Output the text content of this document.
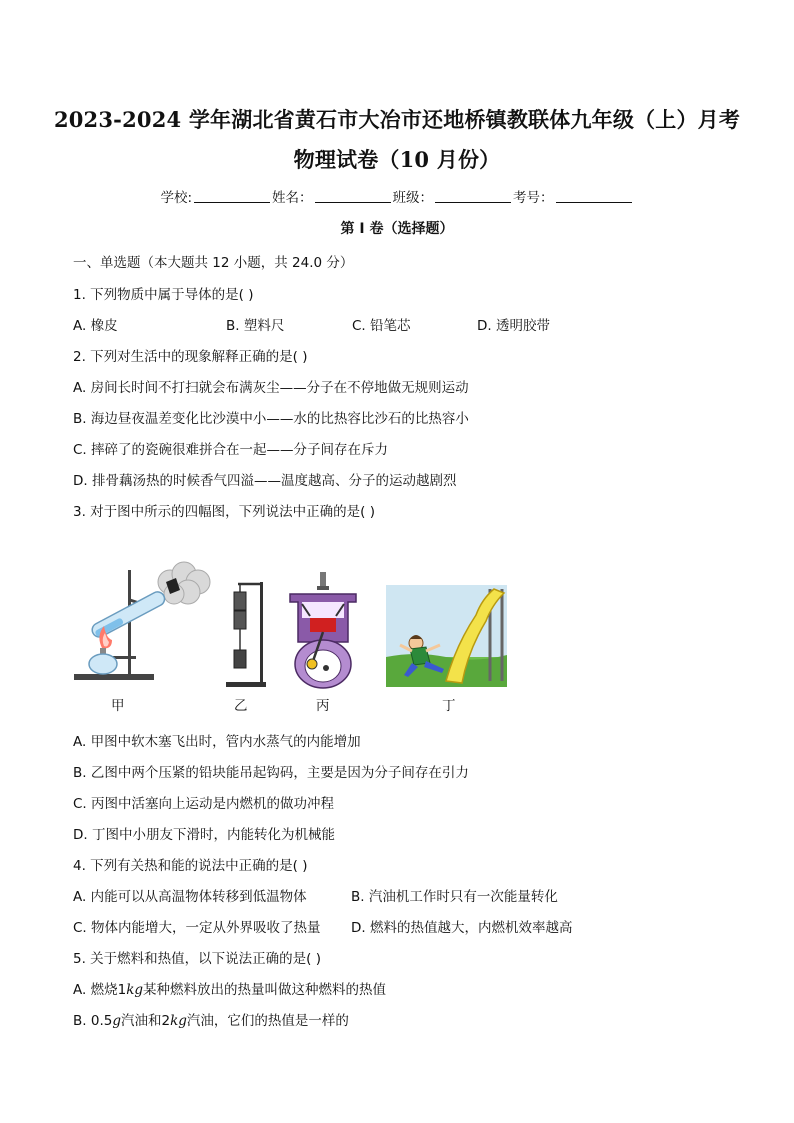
2023-2024 学年湖北省黄石市大冶市还地桥镇教联体九年级（上）月考
物理试卷（10 月份）
学校:	姓名：	班级：	考号：
第 I 卷（选择题）
一、单选题（本大题共 12 小题，共 24.0 分）
1. 下列物质中属于导体的是( )
A. 橡皮	B. 塑料尺	C. 铅笔芯	D. 透明胶带
2. 下列对生活中的现象解释正确的是( )
A. 房间长时间不打扫就会布满灰尘——分子在不停地做无规则运动
B. 海边昼夜温差变化比沙漠中小——水的比热容比沙石的比热容小
C. 摔碎了的瓷碗很难拼合在一起——分子间存在斥力
D. 排骨藕汤热的时候香气四溢——温度越高、分子的运动越剧烈
3. 对于图中所示的四幅图，下列说法中正确的是( )
甲	乙	丙	丁
A. 甲图中软木塞飞出时，管内水蒸气的内能增加
B. 乙图中两个压紧的铅块能吊起钩码，主要是因为分子间存在引力
C. 丙图中活塞向上运动是内燃机的做功冲程
D. 丁图中小朋友下滑时，内能转化为机械能
4. 下列有关热和能的说法中正确的是( )
A. 内能可以从高温物体转移到低温物体	B. 汽油机工作时只有一次能量转化
C. 物体内能增大，一定从外界吸收了热量 D. 燃料的热值越大，内燃机效率越高
5. 关于燃料和热值，以下说法正确的是( )
A. 燃烧1kg某种燃料放出的热量叫做这种燃料的热值
B. 0.5g汽油和2kg汽油，它们的热值是一样的
